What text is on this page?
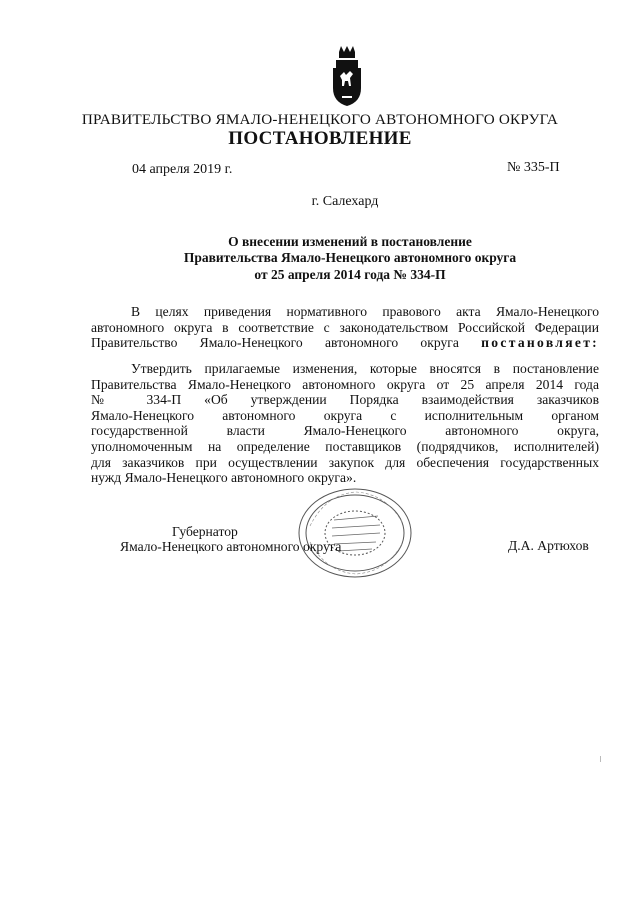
ПРАВИТЕЛЬСТВО ЯМАЛО-НЕНЕЦКОГО АВТОНОМНОГО ОКРУГА
ПОСТАНОВЛЕНИЕ
04 апреля 2019 г.	№ 335-П
г. Салехард
О внесении изменений в постановление
Правительства Ямало-Ненецкого автономного округа
от 25 апреля 2014 года № 334-П
В целях приведения нормативного правового акта Ямало-Ненецкого
автономного округа в соответствие с законодательством Российской Федерации
Правительство Ямало-Ненецкого автономного округа постановляет:
Утвердить прилагаемые изменения, которые вносятся в постановление
Правительства Ямало-Ненецкого автономного округа от 25 апреля 2014 года
№ 334-П «Об утверждении Порядка взаимодействия заказчиков
Ямало-Ненецкого автономного округа с исполнительным органом
государственной власти Ямало-Ненецкого автономного округа,
уполномоченным на определение поставщиков (подрядчиков, исполнителей)
для заказчиков при осуществлении закупок для обеспечения государственных
нужд Ямало-Ненецкого автономного округа».
Губернатор
Ямало-Ненецкого автономного округа	Д.А. Артюхов
